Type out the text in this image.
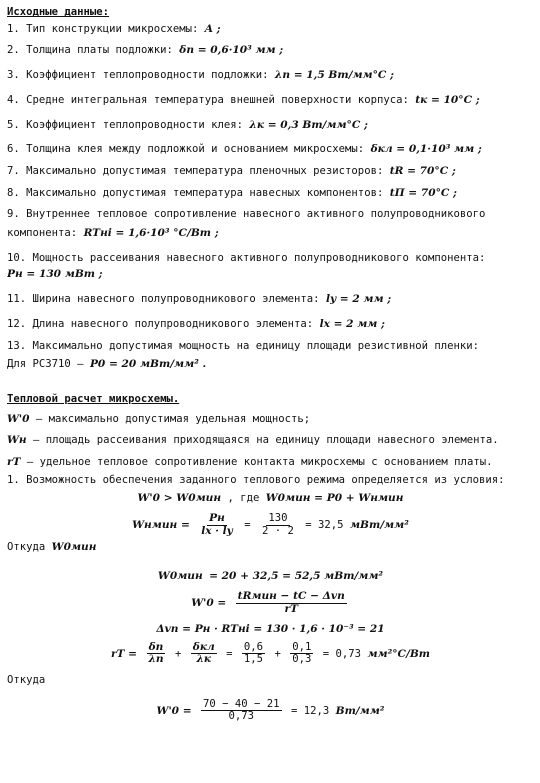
Исходные данные:

1. Тип конструкции микросхемы: A ;

2. Толщина платы подложки: δп = 0,6·10³ мм ;

3. Коэффициент теплопроводности подложки: λп = 1,5 Вт/мм°С ;

4. Средне интегральная температура внешней поверхности корпуса: tк = 10°С ;

5. Коэффициент теплопроводности клея: λк = 0,3 Вт/мм°С ;

6. Толщина клея между подложкой и основанием микросхемы: δкл = 0,1·10³ мм ;

7. Максимально допустимая температура пленочных резисторов: tR = 70°С ;

8. Максимально допустимая температура навесных компонентов: tП = 70°С ;

9. Внутреннее тепловое сопротивление навесного активного полупроводникового

компонента: RTнi = 1,6·10³ °С/Вт ;

10. Мощность рассеивания навесного активного полупроводникового компонента:

Pн = 130 мВт ;

11. Ширина навесного полупроводникового элемента: ly = 2 мм ;

12. Длина навесного полупроводникового элемента: lx = 2 мм ;

13. Максимально допустимая мощность на единицу площади резистивной пленки:

Для РС3710 – P0 = 20 мВт/мм² .

Тепловой расчет микросхемы.

W'0 – максимально допустимая удельная мощность;

Wн – площадь рассеивания приходящаяся на единицу площади навесного элемента.

rT – удельное тепловое сопротивление контакта микросхемы с основанием платы.

1. Возможность обеспечения заданного теплового режима определяется из условия:

W'0 > W0мин , где W0мин = P0 + Wнмин

Wнмин = $\frac{Pн}{lx \cdot ly} = \frac{130}{2 \cdot 2} = 32,5$ мВт/мм²

Откуда W0мин

W0мин = 20 + 32,5 = 52,5 мВт/мм²

$W'0 = \frac{\text{tRмин − tС − Δvп}}{rT}$

Δvп = Pн · RTнi = 130 · 1,6 · 10⁻³ = 21

rT = $\frac{\delta п}{\lambda п} + \frac{\text{δкл}}{\lambda к} = \frac{0,6}{1,5} + \frac{0,1}{0,3} = 0,73$ мм²°С/Вт

Откуда

$W'0 = \frac{70 - 40 - 21}{0,73} = 12,3$ Вт/мм²
